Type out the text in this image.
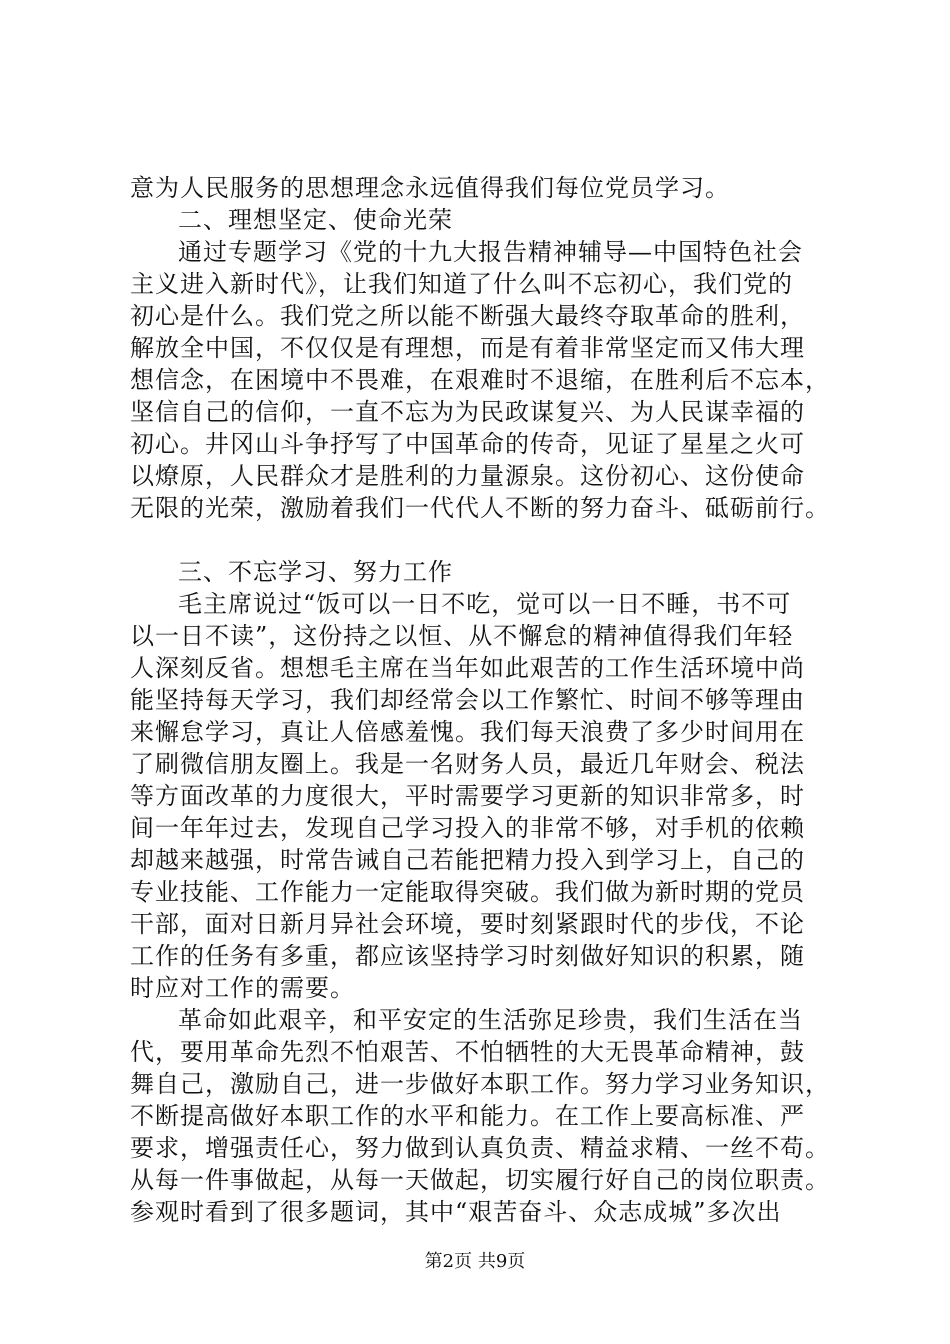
意为人民服务的思想理念永远值得我们每位党员学习。
二、理想坚定、使命光荣
通过专题学习《党的十九大报告精神辅导—中国特色社会
主义进入新时代》，让我们知道了什么叫不忘初心，我们党的
初心是什么。我们党之所以能不断强大最终夺取革命的胜利，
解放全中国，不仅仅是有理想，而是有着非常坚定而又伟大理
想信念，在困境中不畏难，在艰难时不退缩，在胜利后不忘本，
坚信自己的信仰，一直不忘为为民政谋复兴、为人民谋幸福的
初心。井冈山斗争抒写了中国革命的传奇，见证了星星之火可
以燎原，人民群众才是胜利的力量源泉。这份初心、这份使命
无限的光荣，激励着我们一代代人不断的努力奋斗、砥砺前行。
三、不忘学习、努力工作
毛主席说过“饭可以一日不吃，觉可以一日不睡，书不可
以一日不读”，这份持之以恒、从不懈怠的精神值得我们年轻
人深刻反省。想想毛主席在当年如此艰苦的工作生活环境中尚
能坚持每天学习，我们却经常会以工作繁忙、时间不够等理由
来懈怠学习，真让人倍感羞愧。我们每天浪费了多少时间用在
了刷微信朋友圈上。我是一名财务人员，最近几年财会、税法
等方面改革的力度很大，平时需要学习更新的知识非常多，时
间一年年过去，发现自己学习投入的非常不够，对手机的依赖
却越来越强，时常告诫自己若能把精力投入到学习上，自己的
专业技能、工作能力一定能取得突破。我们做为新时期的党员
干部，面对日新月异社会环境，要时刻紧跟时代的步伐，不论
工作的任务有多重，都应该坚持学习时刻做好知识的积累，随
时应对工作的需要。
革命如此艰辛，和平安定的生活弥足珍贵，我们生活在当
代，要用革命先烈不怕艰苦、不怕牺牲的大无畏革命精神，鼓
舞自己，激励自己，进一步做好本职工作。努力学习业务知识，
不断提高做好本职工作的水平和能力。在工作上要高标准、严
要求，增强责任心，努力做到认真负责、精益求精、一丝不苟。
从每一件事做起，从每一天做起，切实履行好自己的岗位职责。
参观时看到了很多题词，其中“艰苦奋斗、众志成城”多次出
第2页 共9页
